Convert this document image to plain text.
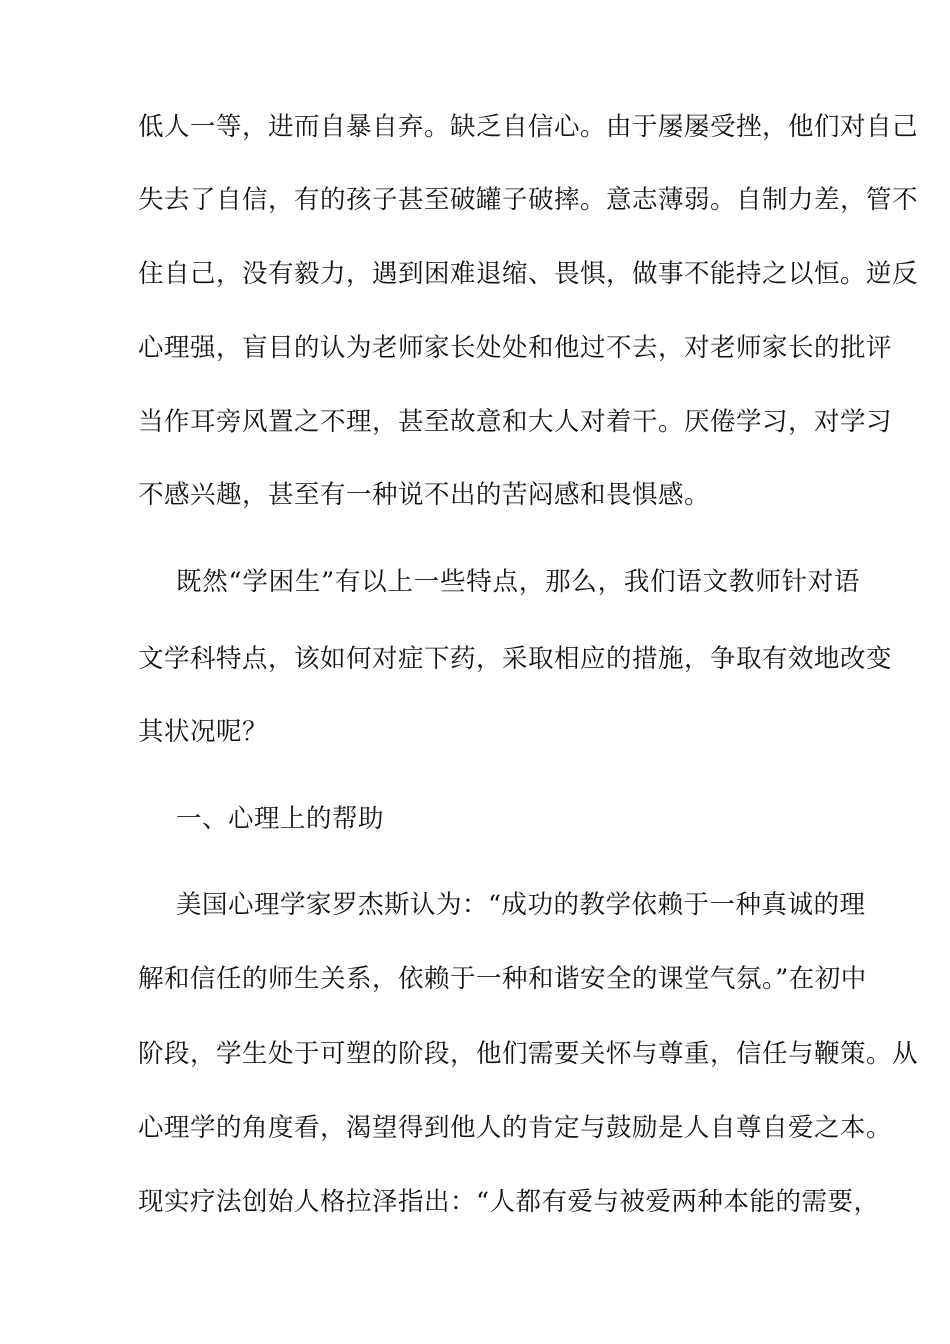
低人一等，进而自暴自弃。缺乏自信心。由于屡屡受挫，他们对自己
失去了自信，有的孩子甚至破罐子破摔。意志薄弱。自制力差，管不
住自己，没有毅力，遇到困难退缩、畏惧，做事不能持之以恒。逆反
心理强，盲目的认为老师家长处处和他过不去，对老师家长的批评
当作耳旁风置之不理，甚至故意和大人对着干。厌倦学习，对学习
不感兴趣，甚至有一种说不出的苦闷感和畏惧感。
既然“学困生”有以上一些特点，那么，我们语文教师针对语
文学科特点，该如何对症下药，采取相应的措施，争取有效地改变
其状况呢？
一、心理上的帮助
美国心理学家罗杰斯认为：“成功的教学依赖于一种真诚的理
解和信任的师生关系，依赖于一种和谐安全的课堂气氛。”在初中
阶段，学生处于可塑的阶段，他们需要关怀与尊重，信任与鞭策。从
心理学的角度看，渴望得到他人的肯定与鼓励是人自尊自爱之本。
现实疗法创始人格拉泽指出：“人都有爱与被爱两种本能的需要，
